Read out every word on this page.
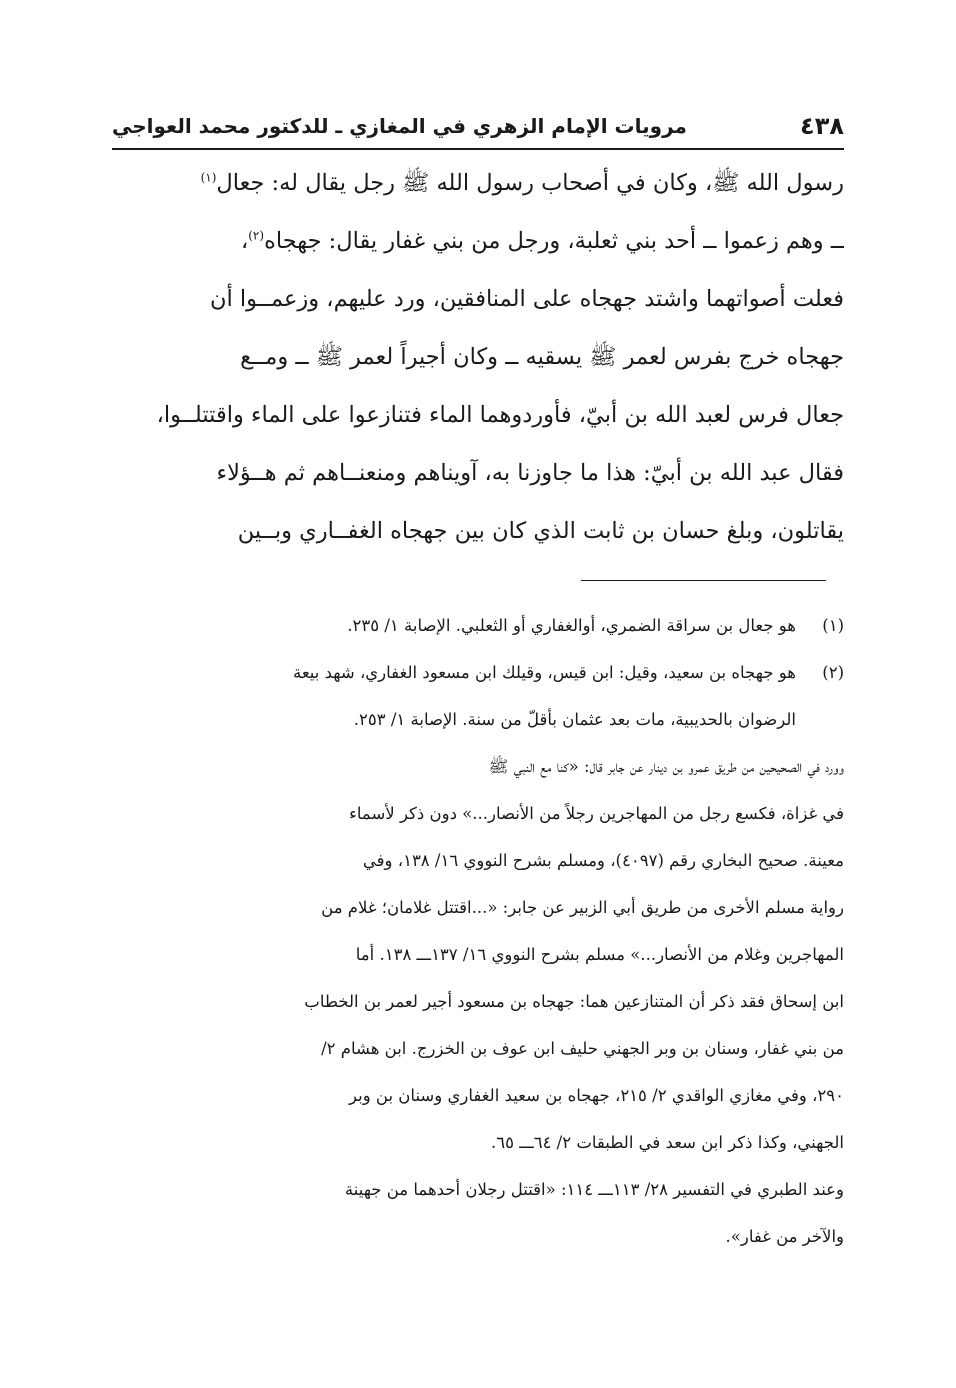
مرويات الإمام الزهري في المغازي ـ للدكتور محمد العواجي	٤٣٨
رسول الله ﷺ، وكان في أصحاب رسول الله ﷺ رجل يقال له: جعال$^{(١)}$
ــ وهم زعموا ــ أحد بني ثعلبة، ورجل من بني غفار يقال: جهجاه$^{(٢)}$،
فعلت أصواتهما واشتد جهجاه على المنافقين، ورد عليهم، وزعمــوا أن
جهجاه خرج بفرس لعمر ﷺ يسقيه ــ وكان أجيراً لعمر ﷺ ــ ومــع
جعال فرس لعبد الله بن أبيّ، فأوردوهما الماء فتنازعوا على الماء واقتتلــوا،
فقال عبد الله بن أبيّ: هذا ما جاوزنا به، آويناهم ومنعنــاهم ثم هــؤلاء
يقاتلون، وبلغ حسان بن ثابت الذي كان بين جهجاه الغفــاري وبــين
(١)هو جعال بن سراقة الضمري، أوالغفاري أو الثعلبي. الإصابة ١/ ٢٣٥.
(٢)هو جهجاه بن سعيد، وقيل: ابن قيس، وقيلك ابن مسعود الغفاري، شهد بيعة
الرضوان بالحديبية، مات بعد عثمان بأقلّ من سنة. الإصابة ١/ ٢٥٣.
وورد في الصحيحين من طريق عمرو بن دينار عن جابر قال: «كنا مع النبي ﷺ
في غزاة، فكسع رجل من المهاجرين رجلاً من الأنصار...» دون ذكر لأسماء
معينة. صحيح البخاري رقم (٤٠٩٧)، ومسلم بشرح النووي ١٦/ ١٣٨، وفي
رواية مسلم الأخرى من طريق أبي الزبير عن جابر: «...اقتتل غلامان؛ غلام من
المهاجرين وغلام من الأنصار...» مسلم بشرح النووي ١٦/ ١٣٧ـــ ١٣٨. أما
ابن إسحاق فقد ذكر أن المتنازعين هما: جهجاه بن مسعود أجير لعمر بن الخطاب
من بني غفار، وسنان بن وبر الجهني حليف ابن عوف بن الخزرج. ابن هشام ٢/
٢٩٠، وفي مغازي الواقدي ٢/ ٢١٥، جهجاه بن سعيد الغفاري وسنان بن وبر
الجهني، وكذا ذكر ابن سعد في الطبقات ٢/ ٦٤ـــ ٦٥.
وعند الطبري في التفسير ٢٨/ ١١٣ـــ ١١٤: «اقتتل رجلان أحدهما من جهينة
والآخر من غفار».
